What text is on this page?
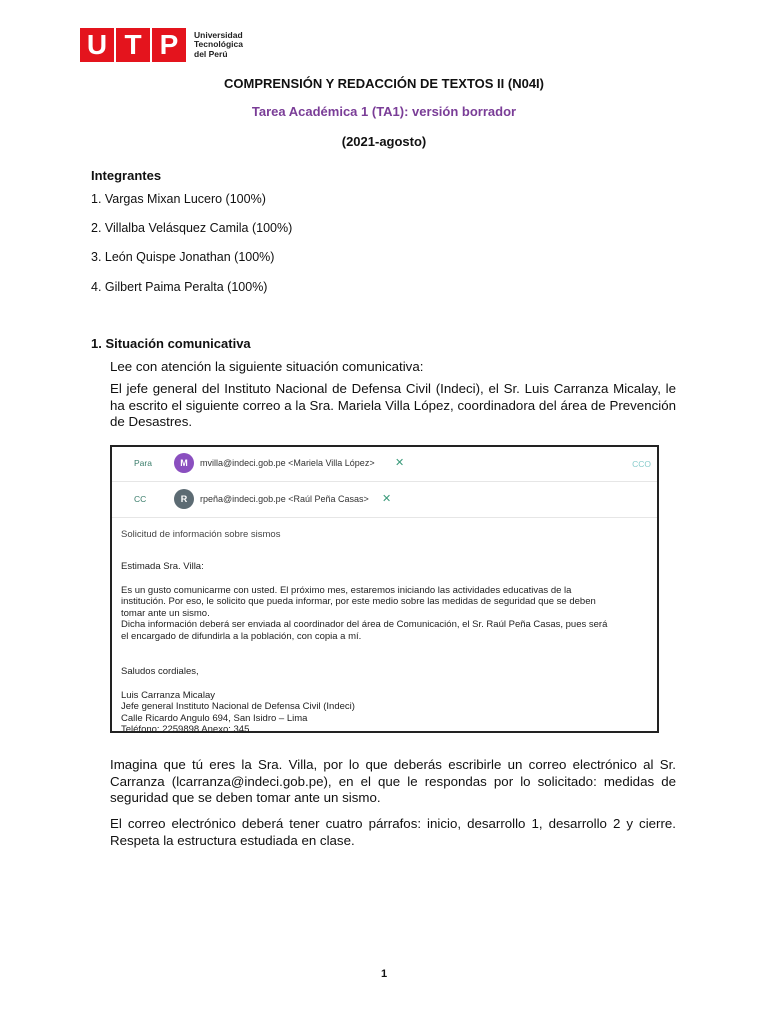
U T P	Universidad
Tecnológica
del Perú
COMPRENSIÓN Y REDACCIÓN DE TEXTOS II (N04I)
Tarea Académica 1 (TA1): versión borrador
(2021-agosto)
Integrantes
1. Vargas Mixan Lucero (100%)
2. Villalba Velásquez Camila (100%)
3. León Quispe Jonathan (100%)
4. Gilbert Paima Peralta (100%)
1. Situación comunicativa
Lee con atención la siguiente situación comunicativa:
El jefe general del Instituto Nacional de Defensa Civil (Indeci), el Sr. Luis Carranza Micalay, le ha escrito el siguiente correo a la Sra. Mariela Villa López, coordinadora del área de Prevención de Desastres.
Para	M	mvilla@indeci.gob.pe <Mariela Villa López> ✕	CCO
CC	R	rpeña@indeci.gob.pe <Raúl Peña Casas> ✕
Solicitud de información sobre sismos
Estimada Sra. Villa:
Es un gusto comunicarme con usted. El próximo mes, estaremos iniciando las actividades educativas de la
institución. Por eso, le solicito que pueda informar, por este medio sobre las medidas de seguridad que se deben
tomar ante un sismo.
Dicha información deberá ser enviada al coordinador del área de Comunicación, el Sr. Raúl Peña Casas, pues será
el encargado de difundirla a la población, con copia a mí.
Saludos cordiales,
Luis Carranza Micalay
Jefe general Instituto Nacional de Defensa Civil (Indeci)
Calle Ricardo Angulo 694, San Isidro – Lima
Teléfono: 2259898 Anexo: 345
Imagina que tú eres la Sra. Villa, por lo que deberás escribirle un correo electrónico al Sr. Carranza (lcarranza@indeci.gob.pe), en el que le respondas por lo solicitado: medidas de seguridad que se deben tomar ante un sismo.
El correo electrónico deberá tener cuatro párrafos: inicio, desarrollo 1, desarrollo 2 y cierre. Respeta la estructura estudiada en clase.
1
